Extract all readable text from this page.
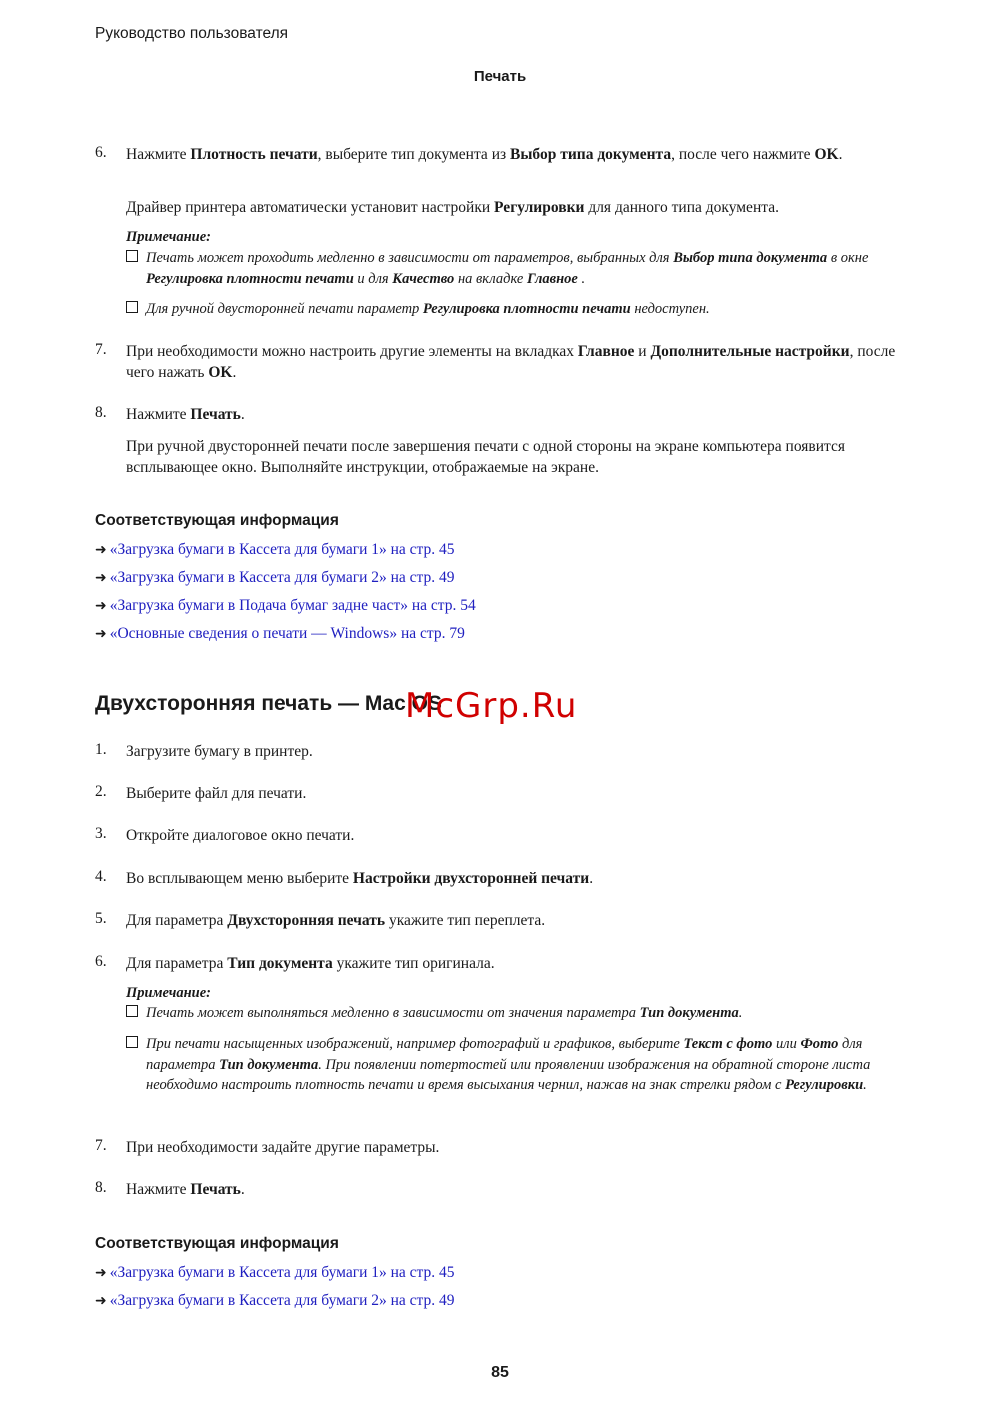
Руководство пользователя
Печать
6. Нажмите Плотность печати, выберите тип документа из Выбор типа документа, после чего нажмите OK.
Драйвер принтера автоматически установит настройки Регулировки для данного типа документа.
Примечание:
Печать может проходить медленно в зависимости от параметров, выбранных для Выбор типа документа в окне Регулировка плотности печати и для Качество на вкладке Главное .
Для ручной двусторонней печати параметр Регулировка плотности печати недоступен.
7. При необходимости можно настроить другие элементы на вкладках Главное и Дополнительные настройки, после чего нажать OK.
8. Нажмите Печать.
При ручной двусторонней печати после завершения печати с одной стороны на экране компьютера появится всплывающее окно. Выполняйте инструкции, отображаемые на экране.
Соответствующая информация
➜ «Загрузка бумаги в Кассета для бумаги 1» на стр. 45
➜ «Загрузка бумаги в Кассета для бумаги 2» на стр. 49
➜ «Загрузка бумаги в Подача бумаг задне част» на стр. 54
➜ «Основные сведения о печати — Windows» на стр. 79
Двухсторонняя печать — Mac OS
McGrp.Ru
1. Загрузите бумагу в принтер.
2. Выберите файл для печати.
3. Откройте диалоговое окно печати.
4. Во всплывающем меню выберите Настройки двухсторонней печати.
5. Для параметра Двухсторонняя печать укажите тип переплета.
6. Для параметра Тип документа укажите тип оригинала.
Примечание:
Печать может выполняться медленно в зависимости от значения параметра Тип документа.
При печати насыщенных изображений, например фотографий и графиков, выберите Текст с фото или Фото для параметра Тип документа. При появлении потертостей или проявлении изображения на обратной стороне листа необходимо настроить плотность печати и время высыхания чернил, нажав на знак стрелки рядом с Регулировки.
7. При необходимости задайте другие параметры.
8. Нажмите Печать.
Соответствующая информация
➜ «Загрузка бумаги в Кассета для бумаги 1» на стр. 45
➜ «Загрузка бумаги в Кассета для бумаги 2» на стр. 49
85
